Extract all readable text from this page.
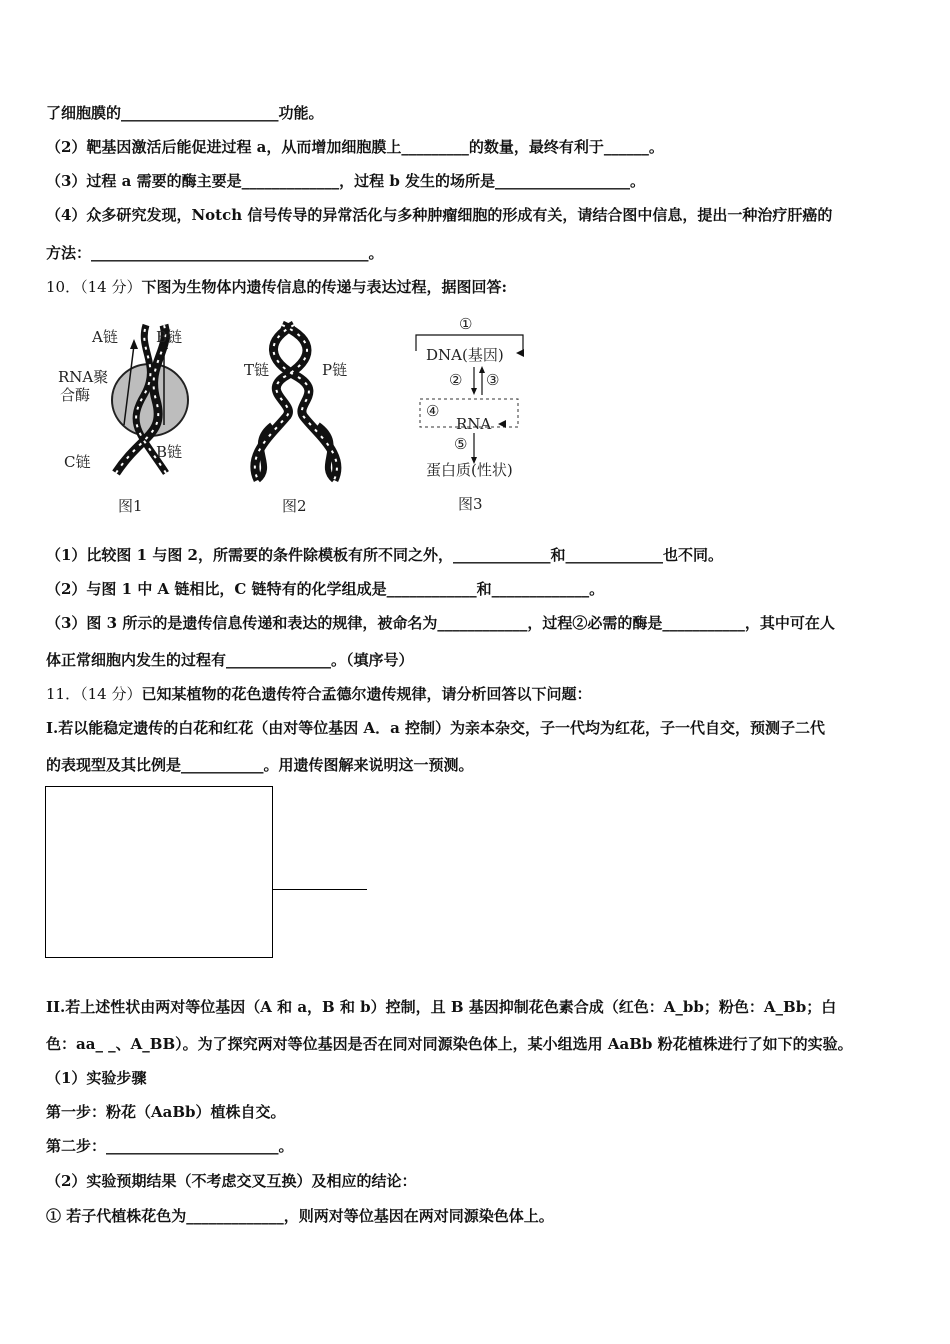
了细胞膜的_____________________功能。
（2）靶基因激活后能促进过程 a，从而增加细胞膜上_________的数量，最终有利于______。
（3）过程 a 需要的酶主要是_____________，过程 b 发生的场所是__________________。
（4）众多研究发现，Notch 信号传导的异常活化与多种肿瘤细胞的形成有关，请结合图中信息，提出一种治疗肝癌的
方法：_____________________________________。
10．（14 分）下图为生物体内遗传信息的传递与表达过程，据图回答:
A链	B链
RNA聚
合酶
C链
B链
图1
T链	P链
图2
①
DNA(基因)
② ③
④
RNA
⑤
蛋白质(性状)
图3
（1）比较图 1 与图 2，所需要的条件除模板有所不同之外，_____________和_____________也不同。
（2）与图 1 中 A 链相比，C 链特有的化学组成是____________和_____________。
（3）图 3 所示的是遗传信息传递和表达的规律，被命名为____________，过程②必需的酶是___________，其中可在人
体正常细胞内发生的过程有______________。（填序号）
11．（14 分）已知某植物的花色遗传符合孟德尔遗传规律，请分析回答以下问题：
I.若以能稳定遗传的白花和红花（由对等位基因 A．a 控制）为亲本杂交，子一代均为红花，子一代自交，预测子二代
的表现型及其比例是___________。用遗传图解来说明这一预测。
II.若上述性状由两对等位基因（A 和 a，B 和 b）控制，且 B 基因抑制花色素合成（红色：A_bb；粉色：A_Bb；白
色：aa_ _、A_BB）。为了探究两对等位基因是否在同对同源染色体上，某小组选用 AaBb 粉花植株进行了如下的实验。
（1）实验步骤
第一步：粉花（AaBb）植株自交。
第二步：_______________________。
（2）实验预期结果（不考虑交叉互换）及相应的结论：
① 若子代植株花色为_____________，则两对等位基因在两对同源染色体上。
